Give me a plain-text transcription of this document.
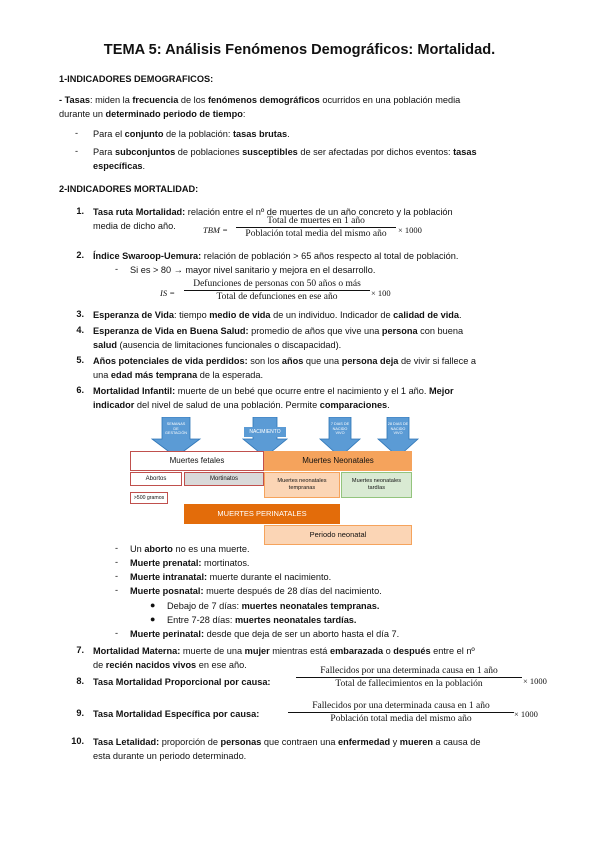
TEMA 5: Análisis Fenómenos Demográficos: Mortalidad.
1-INDICADORES DEMOGRAFICOS:
- Tasas: miden la frecuencia de los fenómenos demográficos ocurridos en una población media
durante un determinado periodo de tiempo:
- Para el conjunto de la población: tasas brutas.
- Para subconjuntos de poblaciones susceptibles de ser afectadas por dichos eventos: tasas
específicas.
2-INDICADORES MORTALIDAD:
1. Tasa ruta Mortalidad: relación entre el nº de muertes de un año concreto y la población
media de dicho año.	TBM =
Total de muertes en 1 año
Población total media del mismo año	× 1000
2. Índice Swaroop-Uemura: relación de población > 65 años respecto al total de población.
- Si es > 80 → mayor nivel sanitario y mejora en el desarrollo.
IS =
Defunciones de personas con 50 años o más
Total de defunciones en ese año	× 100
3. Esperanza de Vida: tiempo medio de vida de un individuo. Indicador de calidad de vida.
4. Esperanza de Vida en Buena Salud: promedio de años que vive una persona con buena
salud (ausencia de limitaciones funcionales o discapacidad).
5. Años potenciales de vida perdidos: son los años que una persona deja de vivir si fallece a
una edad más temprana de la esperada.
6. Mortalidad Infantil: muerte de un bebé que ocurre entre el nacimiento y el 1 año. Mejor
indicador del nivel de salud de una población. Permite comparaciones.
SEMANAS DE GESTACIÓN	NACIMIENTO
7 DIAS DE NACIDO VIVO
28 DIAS DE NACIDO VIVO
Muertes fetales	Muertes Neonatales
Abortos	Mortinatos	Muertes neonatales tempranas
Muertes neonatales tardías
>500 gramos
MUERTES PERINATALES
Periodo neonatal
- Un aborto no es una muerte.
- Muerte prenatal: mortinatos.
- Muerte intranatal: muerte durante el nacimiento.
- Muerte posnatal: muerte después de 28 días del nacimiento.
● Debajo de 7 días: muertes neonatales tempranas.
● Entre 7-28 días: muertes neonatales tardías.
- Muerte perinatal: desde que deja de ser un aborto hasta el día 7.
7. Mortalidad Materna: muerte de una mujer mientras está embarazada o después entre el nº
de recién nacidos vivos en ese año.
8. Tasa Mortalidad Proporcional por causa:
Fallecidos por una determinada causa en 1 año
Total de fallecimientos en la población	× 1000
9. Tasa Mortalidad Específica por causa:
Fallecidos por una determinada causa en 1 año
Población total media del mismo año	× 1000
10. Tasa Letalidad: proporción de personas que contraen una enfermedad y mueren a causa de
esta durante un periodo determinado.
